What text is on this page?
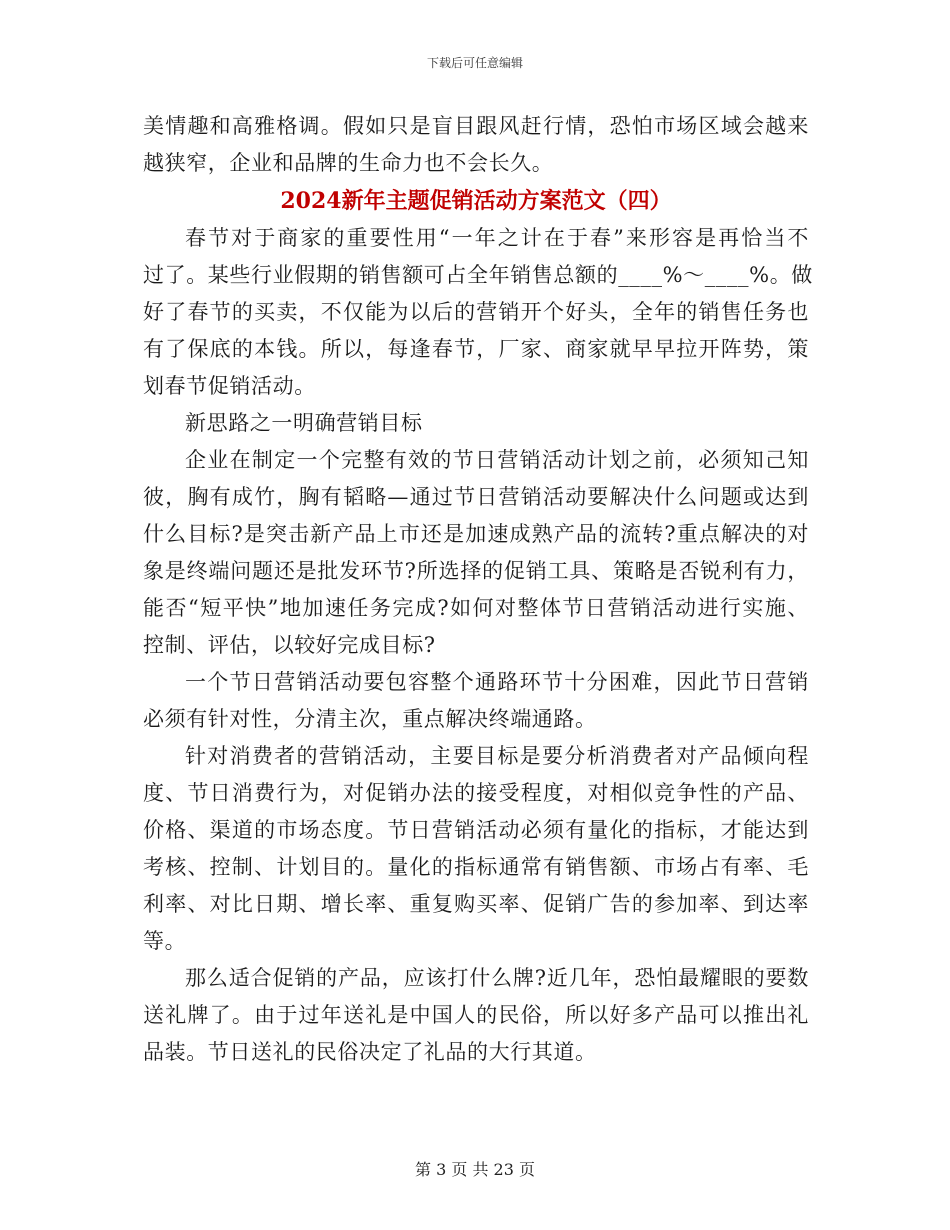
下载后可任意编辑
美情趣和高雅格调。假如只是盲目跟风赶行情，恐怕市场区域会越来
越狭窄，企业和品牌的生命力也不会长久。
2024新年主题促销活动方案范文（四）
春节对于商家的重要性用“一年之计在于春”来形容是再恰当不
过了。某些行业假期的销售额可占全年销售总额的____%～____%。做
好了春节的买卖，不仅能为以后的营销开个好头，全年的销售任务也
有了保底的本钱。所以，每逢春节，厂家、商家就早早拉开阵势，策
划春节促销活动。
新思路之一明确营销目标
企业在制定一个完整有效的节日营销活动计划之前，必须知己知
彼，胸有成竹，胸有韬略—通过节日营销活动要解决什么问题或达到
什么目标?是突击新产品上市还是加速成熟产品的流转?重点解决的对
象是终端问题还是批发环节?所选择的促销工具、策略是否锐利有力，
能否“短平快”地加速任务完成?如何对整体节日营销活动进行实施、
控制、评估，以较好完成目标?
一个节日营销活动要包容整个通路环节十分困难，因此节日营销
必须有针对性，分清主次，重点解决终端通路。
针对消费者的营销活动，主要目标是要分析消费者对产品倾向程
度、节日消费行为，对促销办法的接受程度，对相似竞争性的产品、
价格、渠道的市场态度。节日营销活动必须有量化的指标，才能达到
考核、控制、计划目的。量化的指标通常有销售额、市场占有率、毛
利率、对比日期、增长率、重复购买率、促销广告的参加率、到达率
等。
那么适合促销的产品，应该打什么牌?近几年，恐怕最耀眼的要数
送礼牌了。由于过年送礼是中国人的民俗，所以好多产品可以推出礼
品装。节日送礼的民俗决定了礼品的大行其道。
第 3 页 共 23 页
